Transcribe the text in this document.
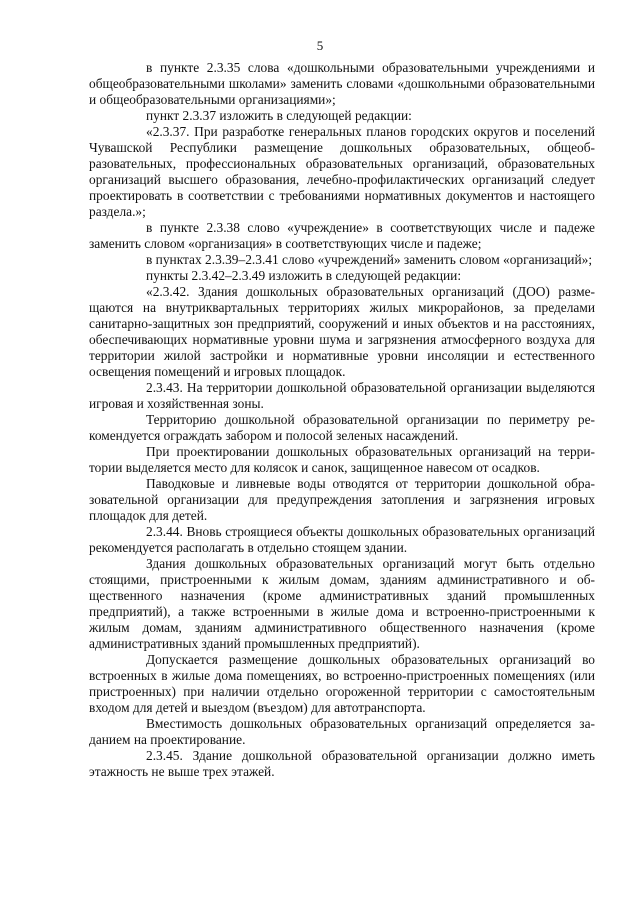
5

в пункте 2.3.35 слова «дошкольными образовательными учреждениями и общеобразовательными школами» заменить словами «дошкольными образовательными и общеобразовательными организациями»;

пункт 2.3.37 изложить в следующей редакции:

«2.3.37. При разработке генеральных планов городских округов и поселений Чувашской Республики размещение дошкольных образовательных, общеобразовательных, профессиональных образовательных организаций, образовательных организаций высшего образования, лечебно-профилактических организаций следует проектировать в соответствии с требованиями нормативных документов и настоящего раздела.»;

в пункте 2.3.38 слово «учреждение» в соответствующих числе и падеже заменить словом «организация» в соответствующих числе и падеже;

в пунктах 2.3.39–2.3.41 слово «учреждений» заменить словом «организаций»;

пункты 2.3.42–2.3.49 изложить в следующей редакции:

«2.3.42. Здания дошкольных образовательных организаций (ДОО) размещаются на внутриквартальных территориях жилых микрорайонов, за пределами санитарно-защитных зон предприятий, сооружений и иных объектов и на расстояниях, обеспечивающих нормативные уровни шума и загрязнения атмосферного воздуха для территории жилой застройки и нормативные уровни инсоляции и естественного освещения помещений и игровых площадок.

2.3.43. На территории дошкольной образовательной организации выделяются игровая и хозяйственная зоны.

Территорию дошкольной образовательной организации по периметру рекомендуется ограждать забором и полосой зеленых насаждений.

При проектировании дошкольных образовательных организаций на территории выделяется место для колясок и санок, защищенное навесом от осадков.

Паводковые и ливневые воды отводятся от территории дошкольной образовательной организации для предупреждения затопления и загрязнения игровых площадок для детей.

2.3.44. Вновь строящиеся объекты дошкольных образовательных организаций рекомендуется располагать в отдельно стоящем здании.

Здания дошкольных образовательных организаций могут быть отдельно стоящими, пристроенными к жилым домам, зданиям административного и общественного назначения (кроме административных зданий промышленных предприятий), а также встроенными в жилые дома и встроенно-пристроенными к жилым домам, зданиям административного общественного назначения (кроме административных зданий промышленных предприятий).

Допускается размещение дошкольных образовательных организаций во встроенных в жилые дома помещениях, во встроенно-пристроенных помещениях (или пристроенных) при наличии отдельно огороженной территории с самостоятельным входом для детей и выездом (въездом) для автотранспорта.

Вместимость дошкольных образовательных организаций определяется заданием на проектирование.

2.3.45. Здание дошкольной образовательной организации должно иметь этажность не выше трех этажей.
